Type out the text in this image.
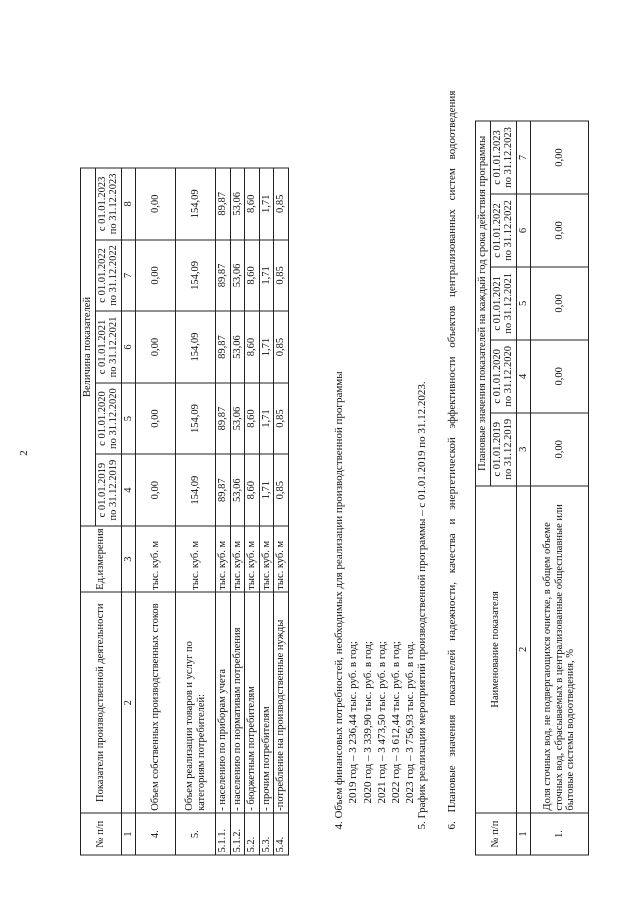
2
№ п/п	Показатели производственной деятельности	Ед.измерения	Величина показателей				
			с 01.01.2019 по 31.12.2019	с 01.01.2020 по 31.12.2020	с 01.01.2021 по 31.12.2021	с 01.01.2022 по 31.12.2022	с 01.01.2023 по 31.12.2023
1	2	3	4	5	6	7	8
4.	Объем собственных производственных стоков	тыс. куб. м	0,00	0,00	0,00	0,00	0,00
5.	Объем реализации товаров и услуг по категориям потребителей:	тыс. куб. м	154,09	154,09	154,09	154,09	154,09
5.1.1.	- населению по приборам учета	тыс. куб. м	89,87	89,87	89,87	89,87	89,87
5.1.2.	- населению по нормативам потребления	тыс. куб. м	53,06	53,06	53,06	53,06	53,06
5.2.	- бюджетным потребителям	тыс. куб. м	8,60	8,60	8,60	8,60	8,60
5.3.	- прочим потребителям	тыс. куб. м	1,71	1,71	1,71	1,71	1,71
5.4.	-потребление на производственные нужды	тыс. куб. м	0,85	0,85	0,85	0,85	0,85
4. Объем финансовых потребностей, необходимых для реализации производственной программы 2019 год – 3 236,44 тыс. руб. в год; 2020 год – 3 339,90 тыс. руб. в год; 2021 год – 3 473,50 тыс. руб. в год; 2022 год – 3 612,44 тыс. руб. в год; 2023 год – 3 756,93 тыс. руб. в год. 5. График реализации мероприятий производственной программы – с 01.01.2019 по 31.12.2023. 6. Плановые значения показателей надежности, качества и энергетической эффективности объектов централизованных систем водоотведения
№ п/п	Наименование показателя	Плановые значения показателей на каждый год срока действия программы				
		с 01.01.2019 по 31.12.2019	с 01.01.2020 по 31.12.2020	с 01.01.2021 по 31.12.2021	с 01.01.2022 по 31.12.2022	с 01.01.2023 по 31.12.2023
1	2	3	4	5	6	7
1.	Доля сточных вод, не подвергающихся очистке, в общем объеме сточных вод, сбрасываемых в централизованные общесплавные или бытовые системы водоотведения, %	0,00	0,00	0,00	0,00	0,00
